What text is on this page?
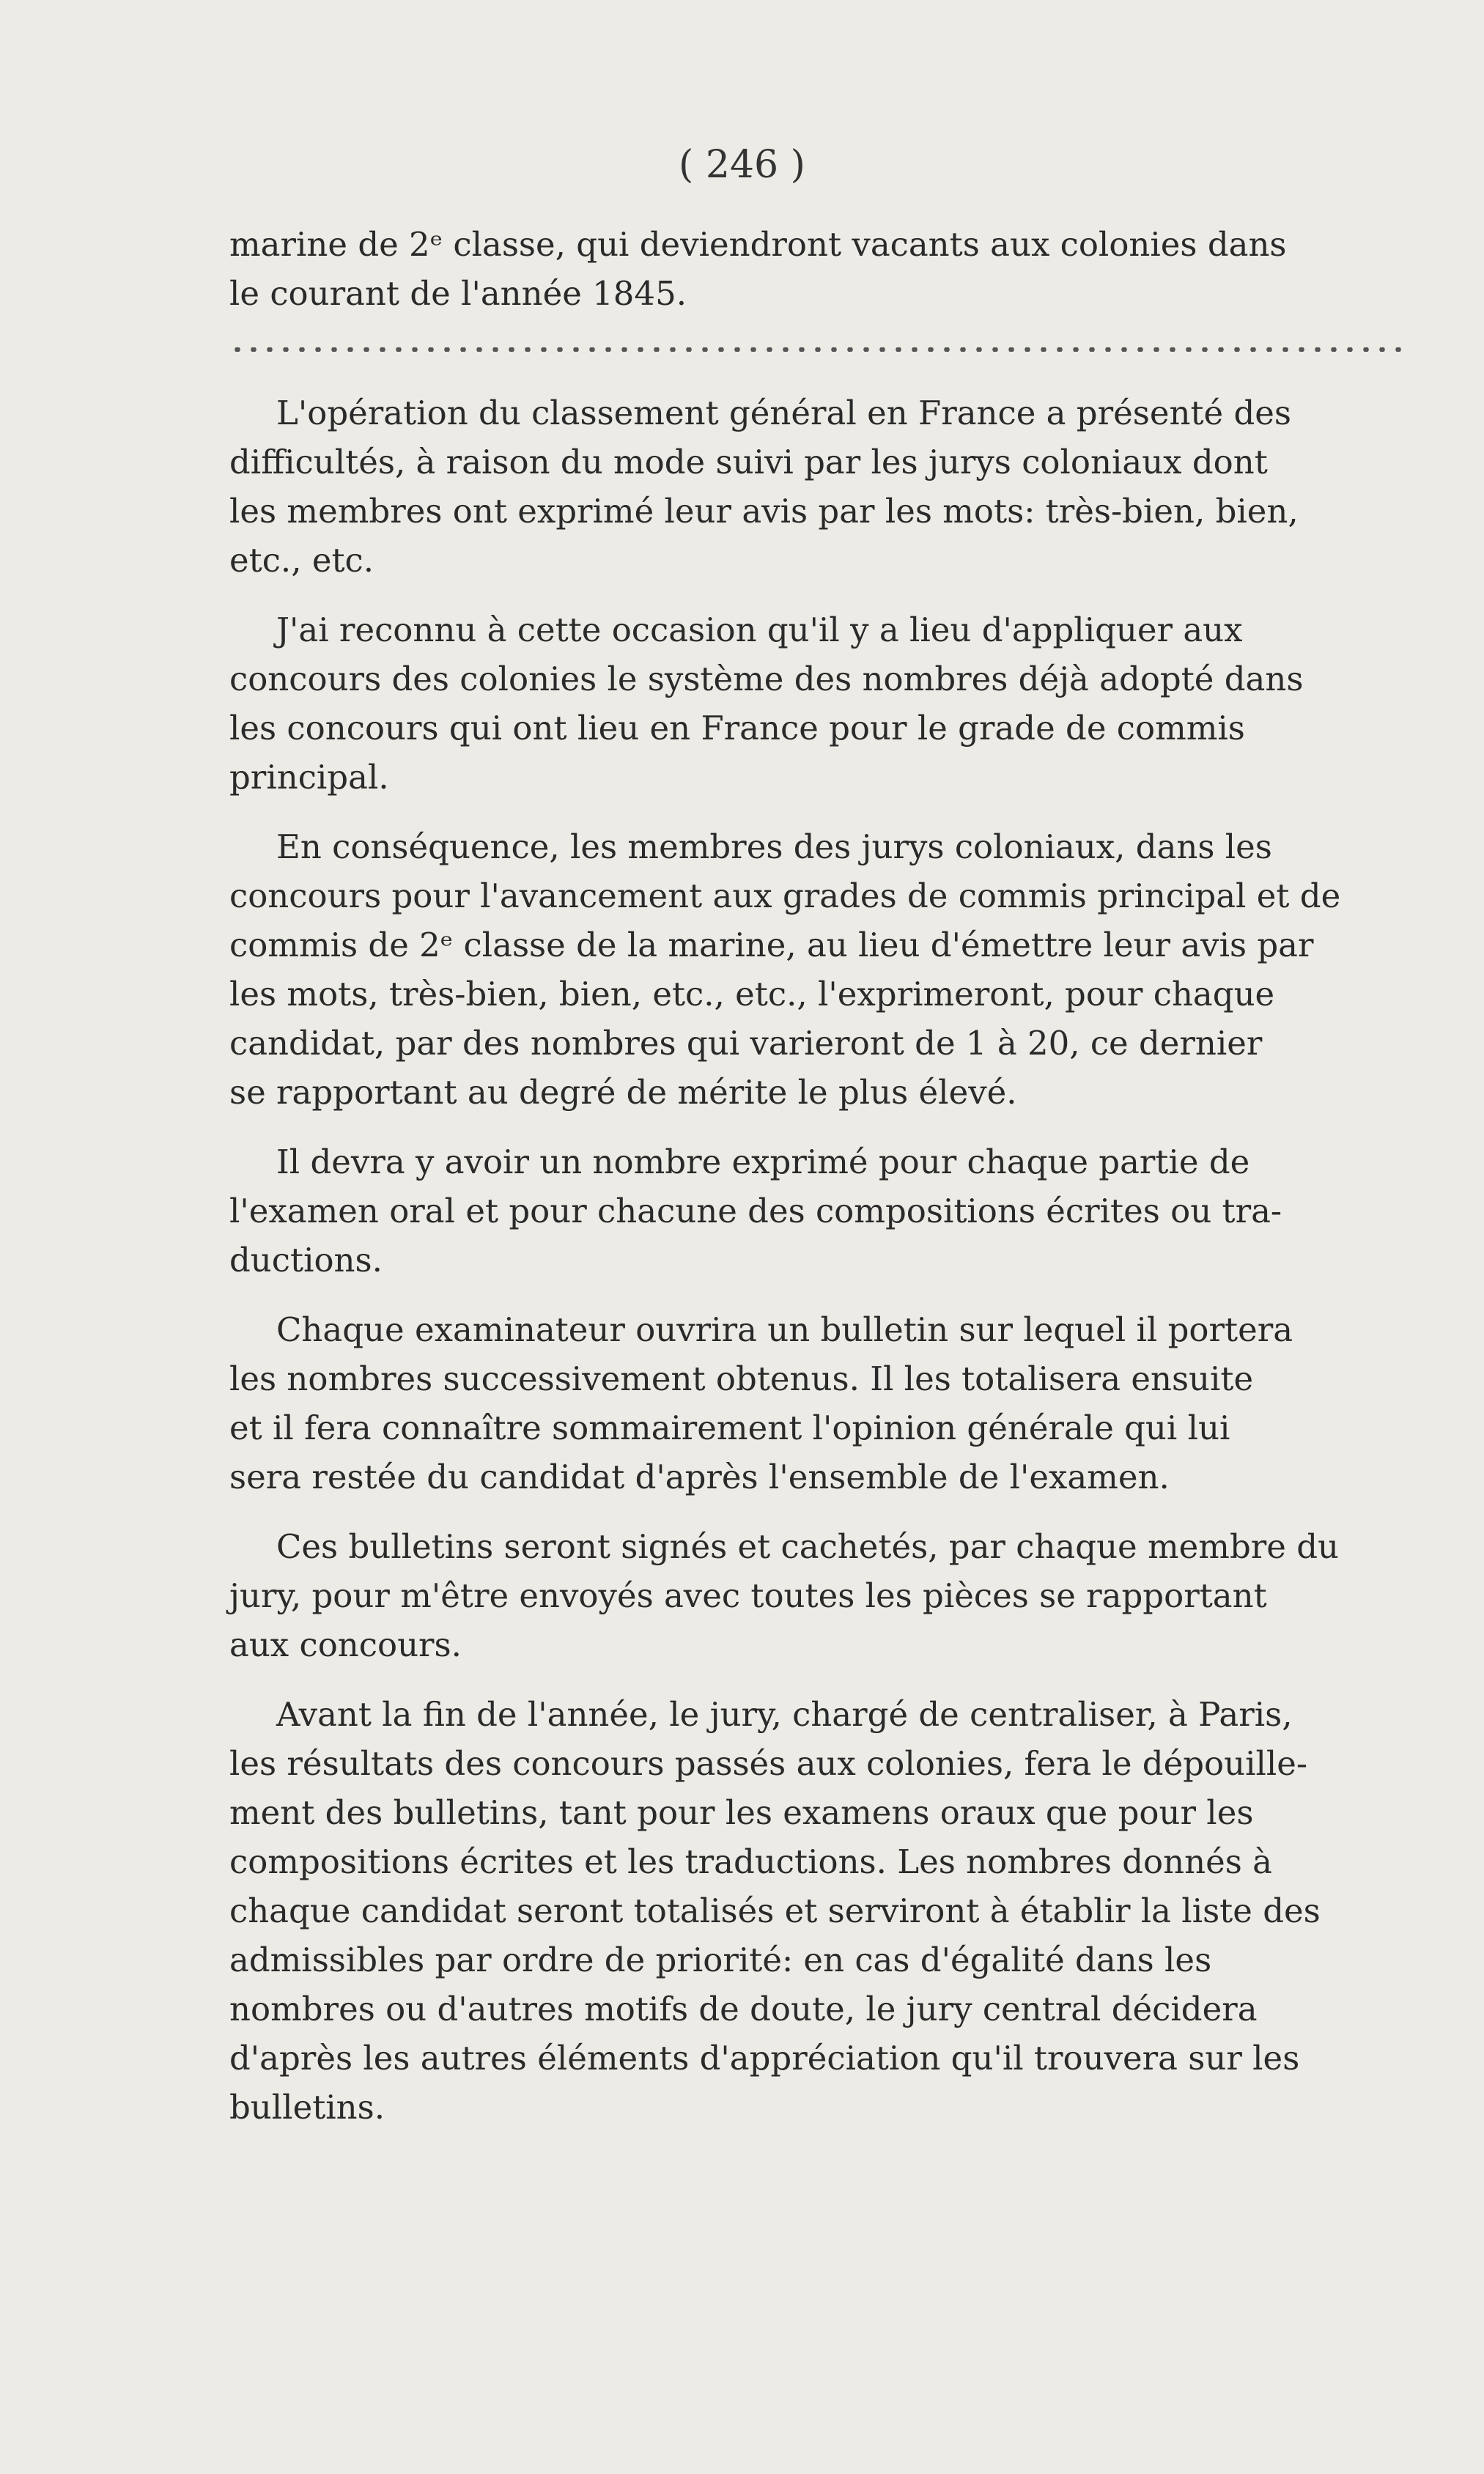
( 246 )

marine de 2ᵉ classe, qui deviendront vacants aux colonies dans
le courant de l'année 1845.

L'opération du classement général en France a présenté des
difficultés, à raison du mode suivi par les jurys coloniaux dont
les membres ont exprimé leur avis par les mots: très-bien, bien,
etc., etc.

J'ai reconnu à cette occasion qu'il y a lieu d'appliquer aux
concours des colonies le système des nombres déjà adopté dans
les concours qui ont lieu en France pour le grade de commis
principal.

En conséquence, les membres des jurys coloniaux, dans les
concours pour l'avancement aux grades de commis principal et de
commis de 2ᵉ classe de la marine, au lieu d'émettre leur avis par
les mots, très-bien, bien, etc., etc., l'exprimeront, pour chaque
candidat, par des nombres qui varieront de 1 à 20, ce dernier
se rapportant au degré de mérite le plus élevé.

Il devra y avoir un nombre exprimé pour chaque partie de
l'examen oral et pour chacune des compositions écrites ou tra-
ductions.

Chaque examinateur ouvrira un bulletin sur lequel il portera
les nombres successivement obtenus. Il les totalisera ensuite
et il fera connaître sommairement l'opinion générale qui lui
sera restée du candidat d'après l'ensemble de l'examen.

Ces bulletins seront signés et cachetés, par chaque membre du
jury, pour m'être envoyés avec toutes les pièces se rapportant
aux concours.

Avant la fin de l'année, le jury, chargé de centraliser, à Paris,
les résultats des concours passés aux colonies, fera le dépouille-
ment des bulletins, tant pour les examens oraux que pour les
compositions écrites et les traductions. Les nombres donnés à
chaque candidat seront totalisés et serviront à établir la liste des
admissibles par ordre de priorité: en cas d'égalité dans les
nombres ou d'autres motifs de doute, le jury central décidera
d'après les autres éléments d'appréciation qu'il trouvera sur les
bulletins.
